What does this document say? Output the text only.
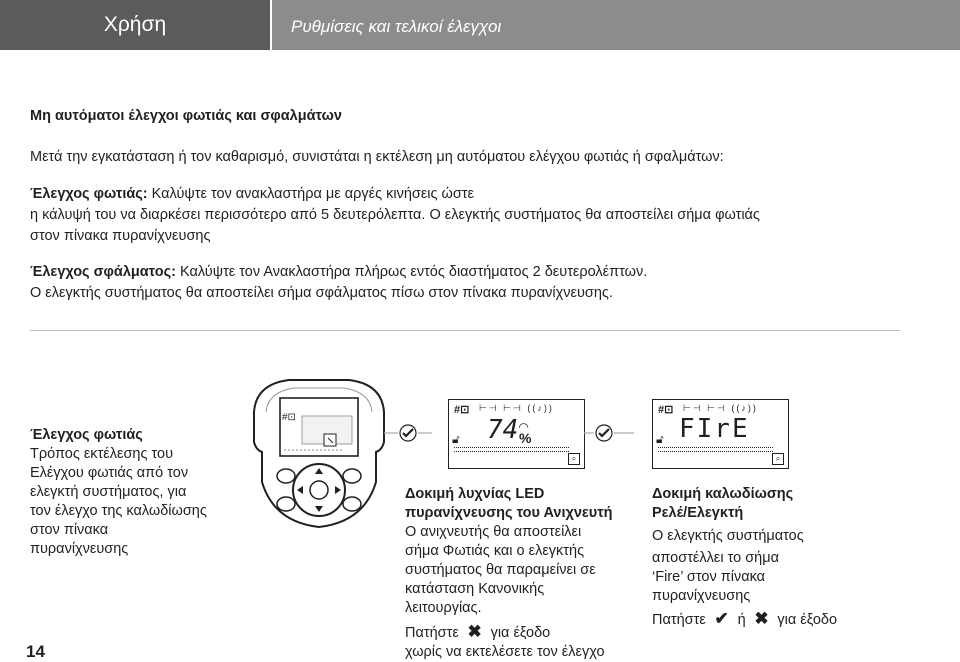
Χρήση	Ρυθμίσεις και τελικοί έλεγχοι

Μη αυτόματοι έλεγχοι φωτιάς και σφαλμάτων

Μετά την εγκατάσταση ή τον καθαρισμό, συνιστάται η εκτέλεση μη αυτόματου ελέγχου φωτιάς ή σφαλμάτων:

Έλεγχος φωτιάς: Καλύψτε τον ανακλαστήρα με αργές κινήσεις ώστε

η κάλυψή του να διαρκέσει περισσότερο από 5 δευτερόλεπτα. Ο ελεγκτής συστήματος θα αποστείλει σήμα φωτιάς

στον πίνακα πυρανίχνευσης

Έλεγχος σφάλματος: Καλύψτε τον Ανακλαστήρα πλήρως εντός διαστήματος 2 δευτερολέπτων.

Ο ελεγκτής συστήματος θα αποστείλει σήμα σφάλματος πίσω στον πίνακα πυρανίχνευσης.

Έλεγχος φωτιάς
Τρόπος εκτέλεσης του
Ελέγχου φωτιάς από τον
ελεγκτή συστήματος, για
τον έλεγχο της καλωδίωσης
στον πίνακα
πυρανίχνευσης
#⊡
#⊡ ⊢⊣ ⊢⊣ ((♪))
🔓︎ 74 ◜◝
%
⌕
#⊡ ⊢⊣ ⊢⊣ ((♪))
🔓︎ FIrE
⌕
Δοκιμή λυχνίας LED
πυρανίχνευσης του Ανιχνευτή
Ο ανιχνευτής θα αποστείλει
σήμα Φωτιάς και ο ελεγκτής
συστήματος θα παραμείνει σε
κατάσταση Κανονικής
λειτουργίας.
Πατήστε  ✖  για έξοδο
χωρίς να εκτελέσετε τον έλεγχο
Δοκιμή καλωδίωσης
Ρελέ/Ελεγκτή
Ο ελεγκτής συστήματος
αποστέλλει το σήμα
‘Fire’ στον πίνακα
πυρανίχνευσης
Πατήστε  ✔  ή  ✖  για έξοδο
14
